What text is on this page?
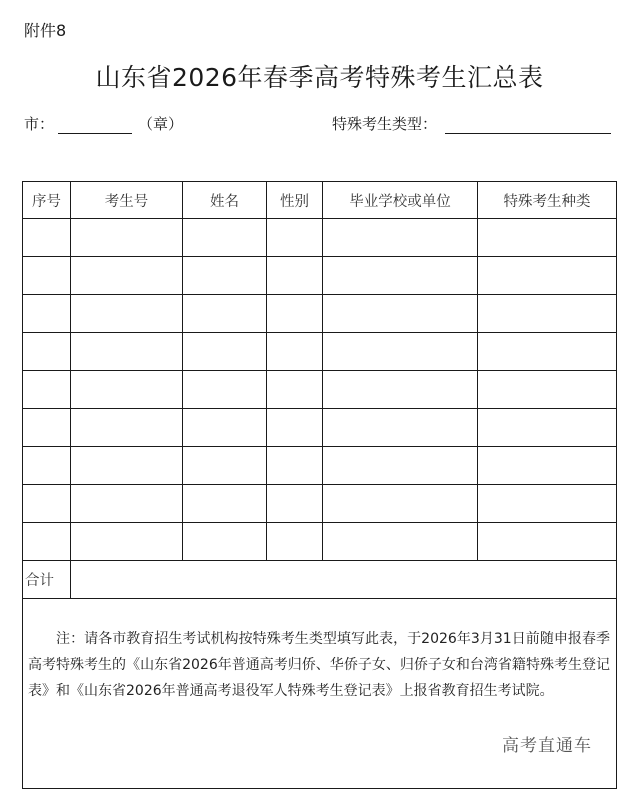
附件8
山东省2026年春季高考特殊考生汇总表
市：	（章）	特殊考生类型：
序号	考生号	姓名	性别	毕业学校或单位	特殊考生种类

合计					
注：请各市教育招生考试机构按特殊考生类型填写此表，于2026年3月31日前随申报春季高考特殊考生的《山东省2026年普通高考归侨、华侨子女、归侨子女和台湾省籍特殊考生登记表》和《山东省2026年普通高考退役军人特殊考生登记表》上报省教育招生考试院。					
高考直通车
